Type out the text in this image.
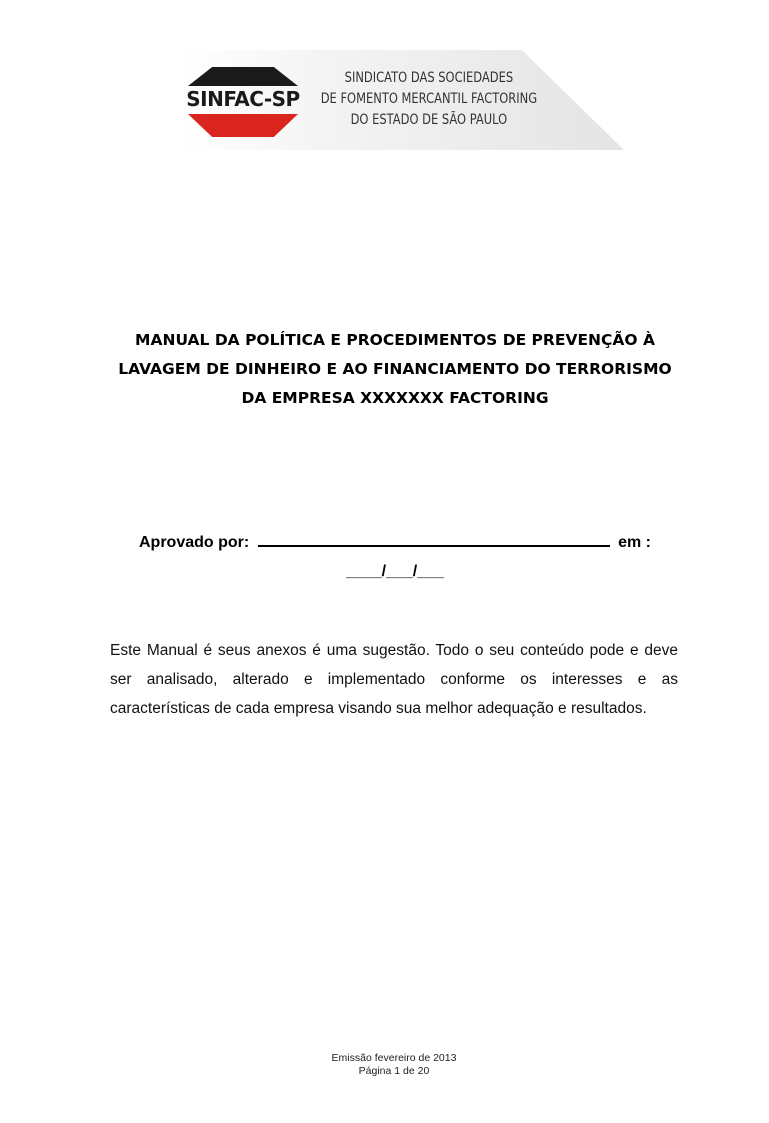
SINFAC-SP
SINDICATO DAS SOCIEDADES
DE FOMENTO MERCANTIL FACTORING
DO ESTADO DE SÃO PAULO
MANUAL DA POLÍTICA E PROCEDIMENTOS DE PREVENÇÃO À
LAVAGEM DE DINHEIRO E AO FINANCIAMENTO DO TERRORISMO
DA EMPRESA XXXXXXX FACTORING
Aprovado por:	em :
____/___/___
Este Manual é seus anexos é uma sugestão. Todo o seu conteúdo pode e deve ser analisado, alterado e implementado conforme os interesses e as características de cada empresa visando sua melhor adequação e resultados.
Emissão fevereiro de 2013
Página 1 de 20
